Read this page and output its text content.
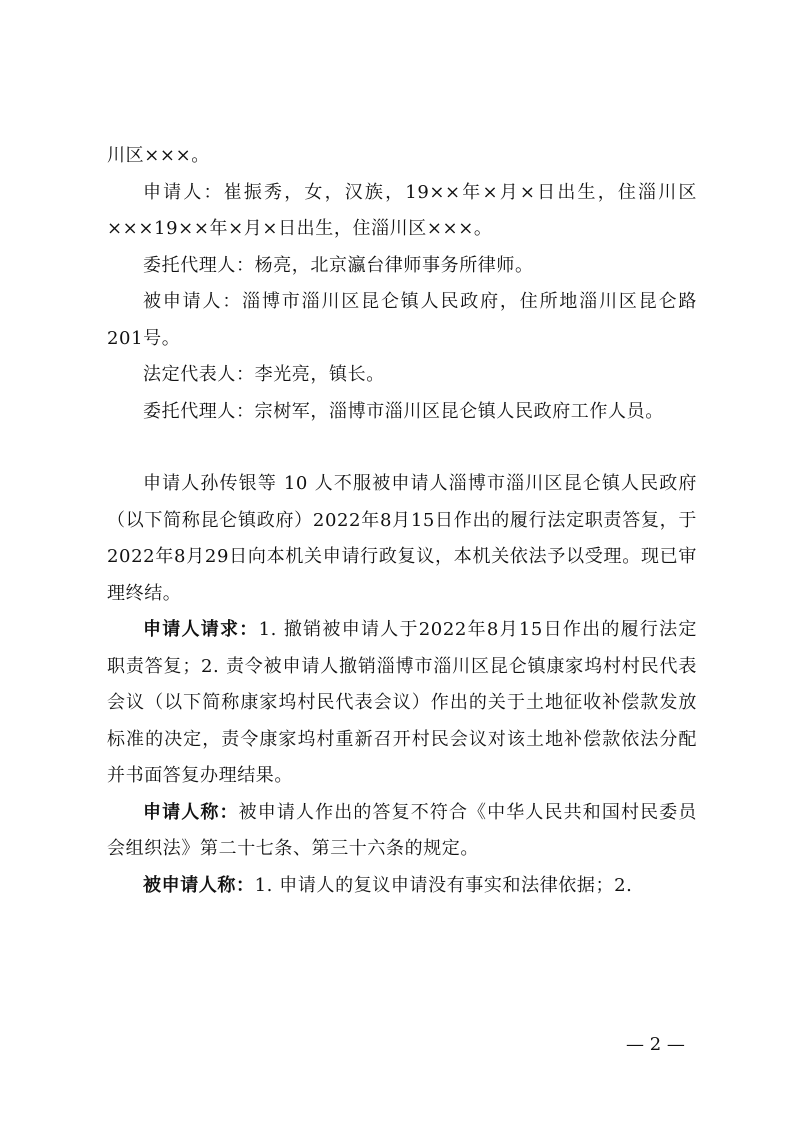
川区×××。

申请人：崔振秀，女，汉族，19××年×月×日出生，住淄川区×××19××年×月×日出生，住淄川区×××。

委托代理人：杨亮，北京瀛台律师事务所律师。

被申请人：淄博市淄川区昆仑镇人民政府，住所地淄川区昆仑路201号。

法定代表人：李光亮，镇长。

委托代理人：宗树军，淄博市淄川区昆仑镇人民政府工作人员。

申请人孙传银等 10 人不服被申请人淄博市淄川区昆仑镇人民政府（以下简称昆仑镇政府）2022年8月15日作出的履行法定职责答复，于2022年8月29日向本机关申请行政复议，本机关依法予以受理。现已审理终结。

申请人请求：1. 撤销被申请人于2022年8月15日作出的履行法定职责答复；2. 责令被申请人撤销淄博市淄川区昆仑镇康家坞村村民代表会议（以下简称康家坞村民代表会议）作出的关于土地征收补偿款发放标准的决定，责令康家坞村重新召开村民会议对该土地补偿款依法分配并书面答复办理结果。

申请人称：被申请人作出的答复不符合《中华人民共和国村民委员会组织法》第二十七条、第三十六条的规定。

被申请人称：1. 申请人的复议申请没有事实和法律依据；2.

— 2 —
